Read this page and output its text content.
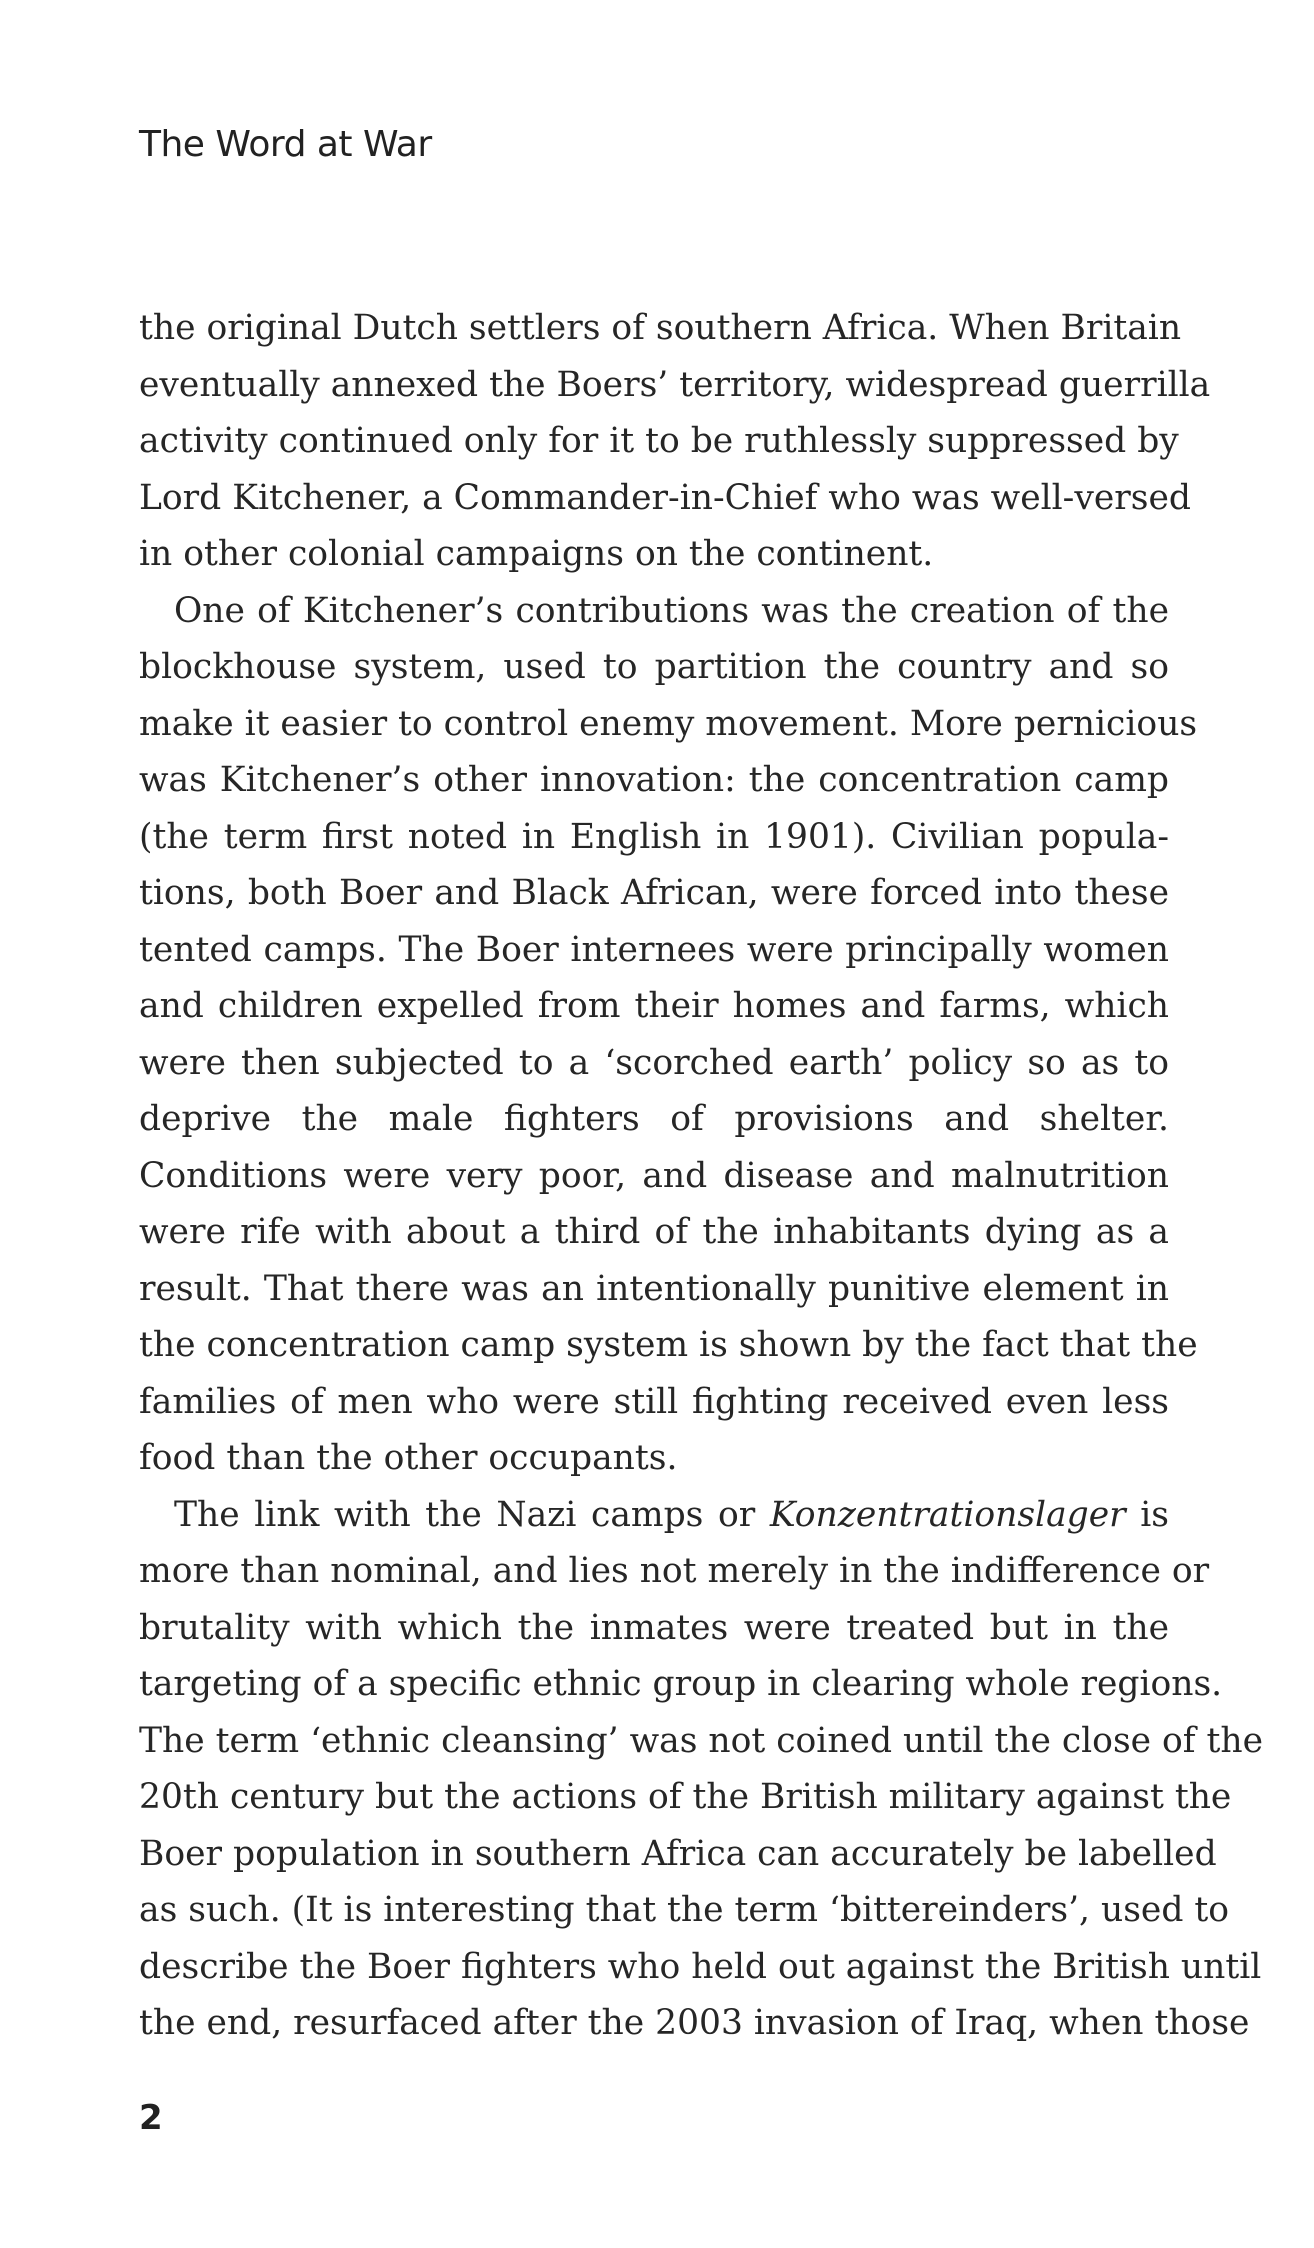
The Word at War
the original Dutch settlers of southern Africa. When Britain
eventually annexed the Boers’ territory, widespread guerrilla
activity continued only for it to be ruthlessly suppressed by
Lord Kitchener, a Commander-in-Chief who was well-versed
in other colonial campaigns on the continent.
One of Kitchener’s contributions was the creation of the
blockhouse system, used to partition the country and so
make it easier to control enemy movement. More pernicious
was Kitchener’s other innovation: the concentration camp
(the term first noted in English in 1901). Civilian popula-
tions, both Boer and Black African, were forced into these
tented camps. The Boer internees were principally women
and children expelled from their homes and farms, which
were then subjected to a ‘scorched earth’ policy so as to
deprive the male fighters of provisions and shelter.
Conditions were very poor, and disease and malnutrition
were rife with about a third of the inhabitants dying as a
result. That there was an intentionally punitive element in
the concentration camp system is shown by the fact that the
families of men who were still fighting received even less
food than the other occupants.
The link with the Nazi camps or Konzentrationslager is
more than nominal, and lies not merely in the indifference or
brutality with which the inmates were treated but in the
targeting of a specific ethnic group in clearing whole regions.
The term ‘ethnic cleansing’ was not coined until the close of the
20th century but the actions of the British military against the
Boer population in southern Africa can accurately be labelled
as such. (It is interesting that the term ‘bittereinders’, used to
describe the Boer fighters who held out against the British until
the end, resurfaced after the 2003 invasion of Iraq, when those
2
